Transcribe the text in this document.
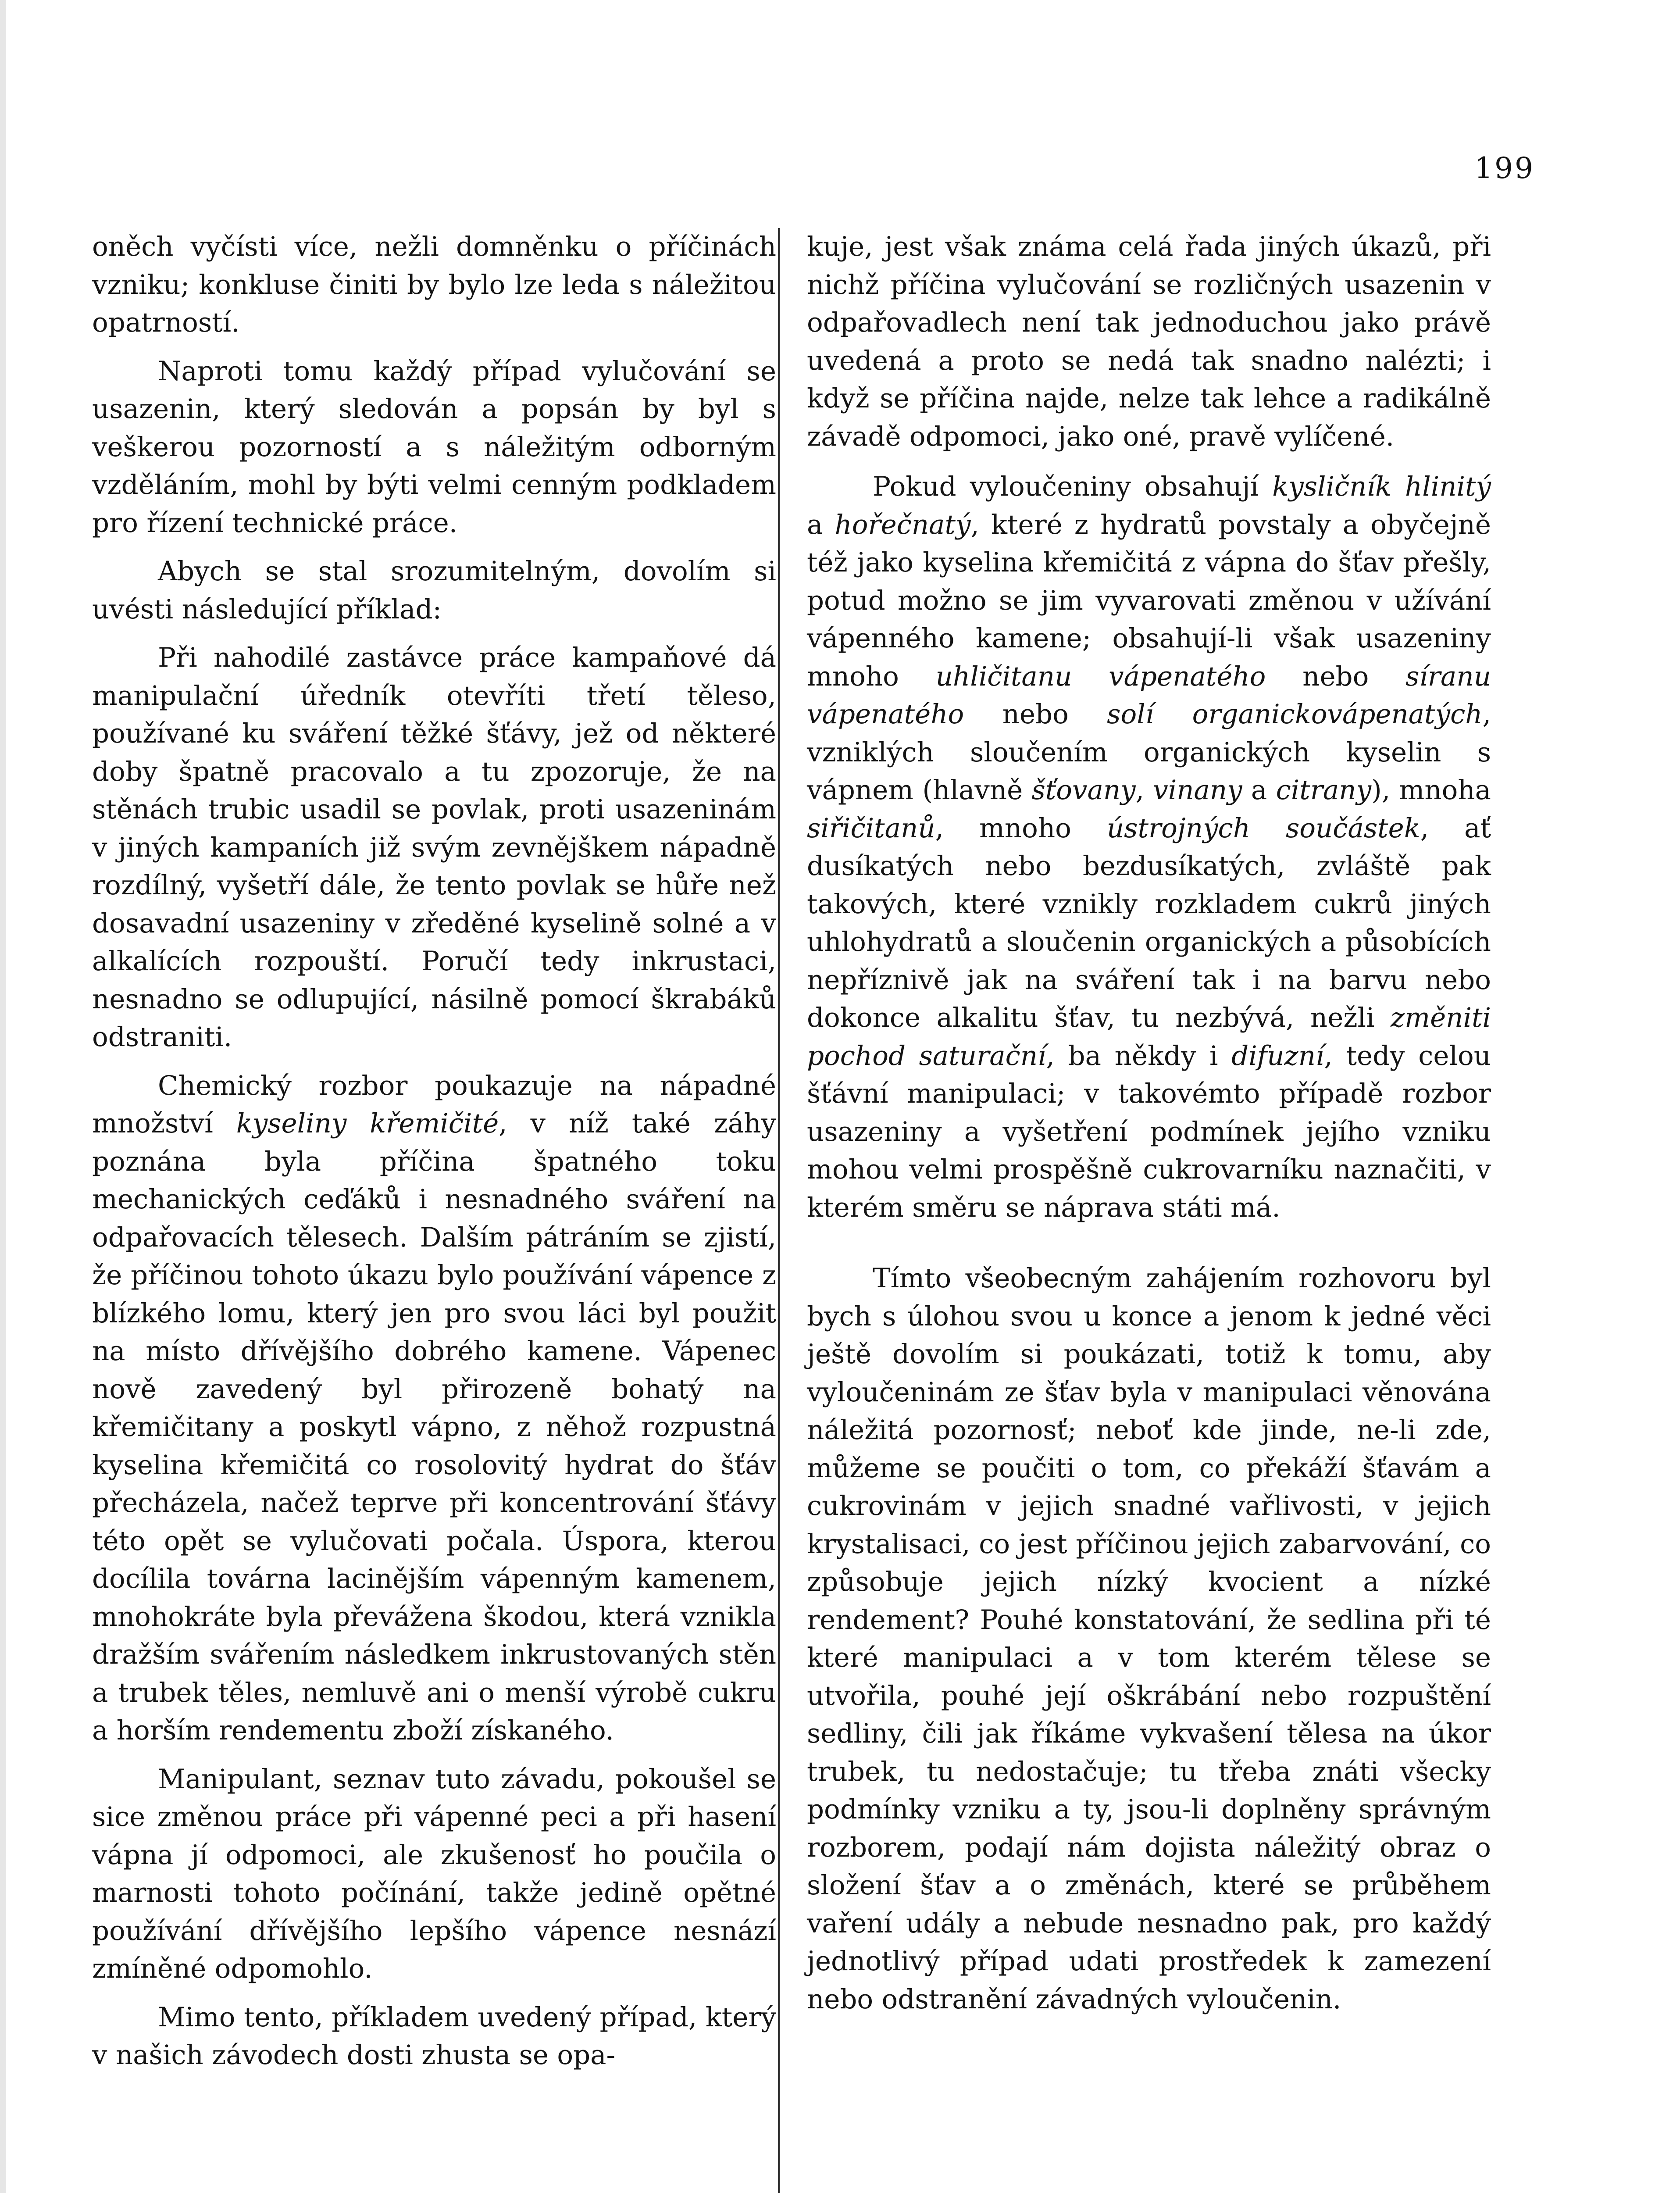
199

oněch vyčísti více, nežli domněnku o příčinách vzniku; konkluse činiti by bylo lze leda s náležitou opatrností.

Naproti tomu každý případ vylučování se usazenin, který sledován a popsán by byl s veškerou pozorností a s náležitým odborným vzděláním, mohl by býti velmi cenným podkladem pro řízení technické práce.

Abych se stal srozumitelným, dovolím si uvésti následující příklad:

Při nahodilé zastávce práce kampaňové dá manipulační úředník otevříti třetí těleso, používané ku sváření těžké šťávy, jež od některé doby špatně pracovalo a tu zpozoruje, že na stěnách trubic usadil se povlak, proti usazeninám v jiných kampaních již svým zevnějškem nápadně rozdílný, vyšetří dále, že tento povlak se hůře než dosavadní usazeniny v zředěné kyselině solné a v alkalících rozpouští. Poručí tedy inkrustaci, nesnadno se odlupující, násilně pomocí škrabáků odstraniti.

Chemický rozbor poukazuje na nápadné množství kyseliny křemičité, v níž také záhy poznána byla příčina špatného toku mechanických ceďáků i nesnadného sváření na odpařovacích tělesech. Dalším pátráním se zjistí, že příčinou tohoto úkazu bylo používání vápence z blízkého lomu, který jen pro svou láci byl použit na místo dřívějšího dobrého kamene. Vápenec nově zavedený byl přirozeně bohatý na křemičitany a poskytl vápno, z něhož rozpustná kyselina křemičitá co rosolovitý hydrat do šťáv přecházela, načež teprve při koncentrování šťávy této opět se vylučovati počala. Úspora, kterou docílila továrna lacinějším vápenným kamenem, mnohokráte byla převážena škodou, která vznikla dražším svářením následkem inkrustovaných stěn a trubek těles, nemluvě ani o menší výrobě cukru a horším rendementu zboží získaného.

Manipulant, seznav tuto závadu, pokoušel se sice změnou práce při vápenné peci a při hasení vápna jí odpomoci, ale zkušenosť ho poučila o marnosti tohoto počínání, takže jedině opětné používání dřívějšího lepšího vápence nesnází zmíněné odpomohlo.

Mimo tento, příkladem uvedený případ, který v našich závodech dosti zhusta se opa-

kuje, jest však známa celá řada jiných úkazů, při nichž příčina vylučování se rozličných usazenin v odpařovadlech není tak jednoduchou jako právě uvedená a proto se nedá tak snadno nalézti; i když se příčina najde, nelze tak lehce a radikálně závadě odpomoci, jako oné, pravě vylíčené.

Pokud vyloučeniny obsahují kysličník hlinitý a hořečnatý, které z hydratů povstaly a obyčejně též jako kyselina křemičitá z vápna do šťav přešly, potud možno se jim vyvarovati změnou v užívání vápenného kamene; obsahují-li však usazeniny mnoho uhličitanu vápenatého nebo síranu vápenatého nebo solí organickovápenatých, vzniklých sloučením organických kyselin s vápnem (hlavně šťovany, vinany a citrany), mnoha siřičitanů, mnoho ústrojných součástek, ať dusíkatých nebo bezdusíkatých, zvláště pak takových, které vznikly rozkladem cukrů jiných uhlohydratů a sloučenin organických a působících nepříznivě jak na sváření tak i na barvu nebo dokonce alkalitu šťav, tu nezbývá, nežli změniti pochod saturační, ba někdy i difuzní, tedy celou šťávní manipulaci; v takovémto případě rozbor usazeniny a vyšetření podmínek jejího vzniku mohou velmi prospěšně cukrovarníku naznačiti, v kterém směru se náprava státi má.

Tímto všeobecným zahájením rozhovoru byl bych s úlohou svou u konce a jenom k jedné věci ještě dovolím si poukázati, totiž k tomu, aby vyloučeninám ze šťav byla v manipulaci věnována náležitá pozornosť; neboť kde jinde, ne-li zde, můžeme se poučiti o tom, co překáží šťavám a cukrovinám v jejich snadné vařlivosti, v jejich krystalisaci, co jest příčinou jejich zabarvování, co způsobuje jejich nízký kvocient a nízké rendement? Pouhé konstatování, že sedlina při té které manipulaci a v tom kterém tělese se utvořila, pouhé její oškrábání nebo rozpuštění sedliny, čili jak říkáme vykvašení tělesa na úkor trubek, tu nedostačuje; tu třeba znáti všecky podmínky vzniku a ty, jsou-li doplněny správným rozborem, podají nám dojista náležitý obraz o složení šťav a o změnách, které se průběhem vaření udály a nebude nesnadno pak, pro každý jednotlivý případ udati prostředek k zamezení nebo odstranění závadných vyloučenin.
